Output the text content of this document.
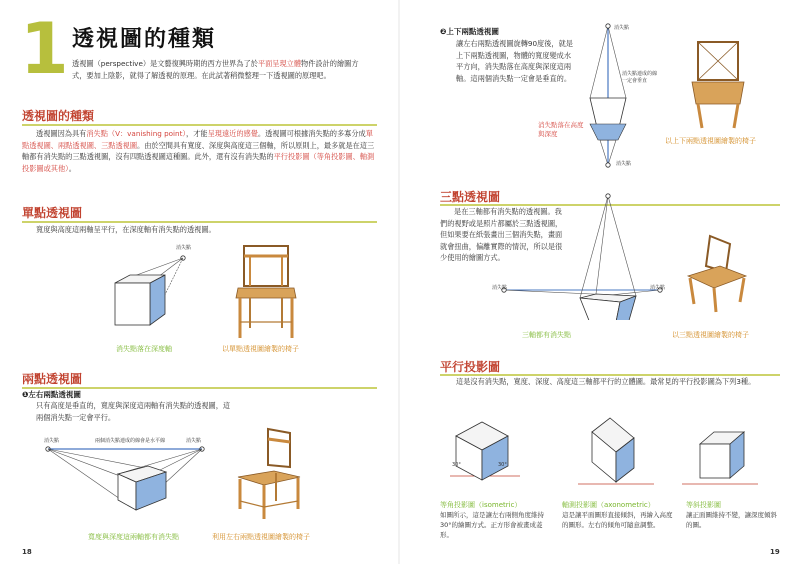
1 透視圖的種類
透視圖（perspective）是文藝復興時期的西方世界為了於平面呈現立體物件設計的繪圖方式，要加上陰影，就得了解透視的原理。在此試著稍微整理一下透視圖的原理吧。
透視圖的種類
透視圖因為具有消失點（V：vanishing point），才能呈現遠近的感覺。透視圖可根據消失點的多寡分成單點透視圖、兩點透視圖、三點透視圖。由於空間具有寬度、深度與高度這三個軸，所以原則上，最多就是在這三軸都有消失點的三點透視圖，沒有四點透視圖這種圖。此外，還有沒有消失點的平行投影圖（等角投影圖、軸測投影圖或其他）。
單點透視圖
寬度與高度這兩軸呈平行，在深度軸有消失點的透視圖。
消失點
消失點落在深度軸	以單點透視圖繪製的椅子
兩點透視圖
❶左右兩點透視圖
只有高度是垂直的，寬度與深度這兩軸有消失點的透視圖，這兩個消失點一定會平行。
消失點	消失點
兩個消失點連成的線會是水平線
寬度與深度這兩軸都有消失點	利用左右兩點透視圖繪製的椅子
18
❷上下兩點透視圖
讓左右兩點透視圖旋轉90度後，就是上下兩點透視圖，物體的寬度變成水平方向，消失點落在高度與深度這兩軸。這兩個消失點一定會是垂直的。
消失點
消失點
消失點連成的線一定會垂直
消失點落在高度與深度
以上下兩點透視圖繪製的椅子
三點透視圖
是在三軸都有消失點的透視圖。我們的視野或是照片都屬於三點透視圖，但如果要在紙張畫出三個消失點，畫面就會扭曲，偏離實際的情況，所以是很少使用的繪圖方式。
消失點	消失點
三軸都有消失點	以三點透視圖繪製的椅子
平行投影圖
這是沒有消失點，寬度、深度、高度這三軸都平行的立體圖。最常見的平行投影圖為下列3種。
30°	30°
等角投影圖（isometric）
如圖所示，這是讓左右兩側角度維持30°的繪圖方式。正方形會被畫成菱形。
軸測投影圖（axonometric）
這是讓平面圖形直接傾斜，再繪入高度的圖形。左右的傾角可隨意調整。
等斜投影圖
讓正面圖維持不變，讓深度傾斜的圖。
19
